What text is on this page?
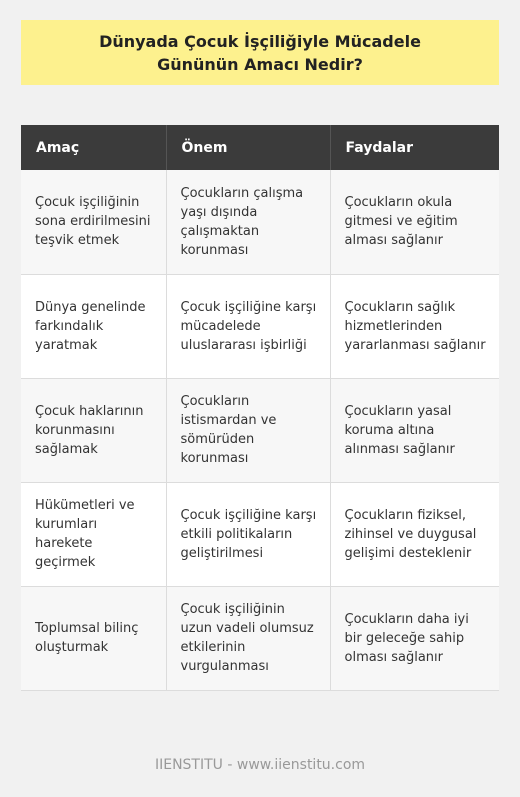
Dünyada Çocuk İşçiliğiyle Mücadele Gününün Amacı Nedir?
Amaç	Önem	Faydalar
Çocuk işçiliğinin sona erdirilmesini teşvik etmek	Çocukların çalışma yaşı dışında çalışmaktan korunması	Çocukların okula gitmesi ve eğitim alması sağlanır
Dünya genelinde farkındalık yaratmak	Çocuk işçiliğine karşı mücadelede uluslararası işbirliği	Çocukların sağlık hizmetlerinden yararlanması sağlanır
Çocuk haklarının korunmasını sağlamak	Çocukların istismardan ve sömürüden korunması	Çocukların yasal koruma altına alınması sağlanır
Hükümetleri ve kurumları harekete geçirmek	Çocuk işçiliğine karşı etkili politikaların geliştirilmesi	Çocukların fiziksel, zihinsel ve duygusal gelişimi desteklenir
Toplumsal bilinç oluşturmak	Çocuk işçiliğinin uzun vadeli olumsuz etkilerinin vurgulanması	Çocukların daha iyi bir geleceğe sahip olması sağlanır
IIENSTITU - www.iienstitu.com
